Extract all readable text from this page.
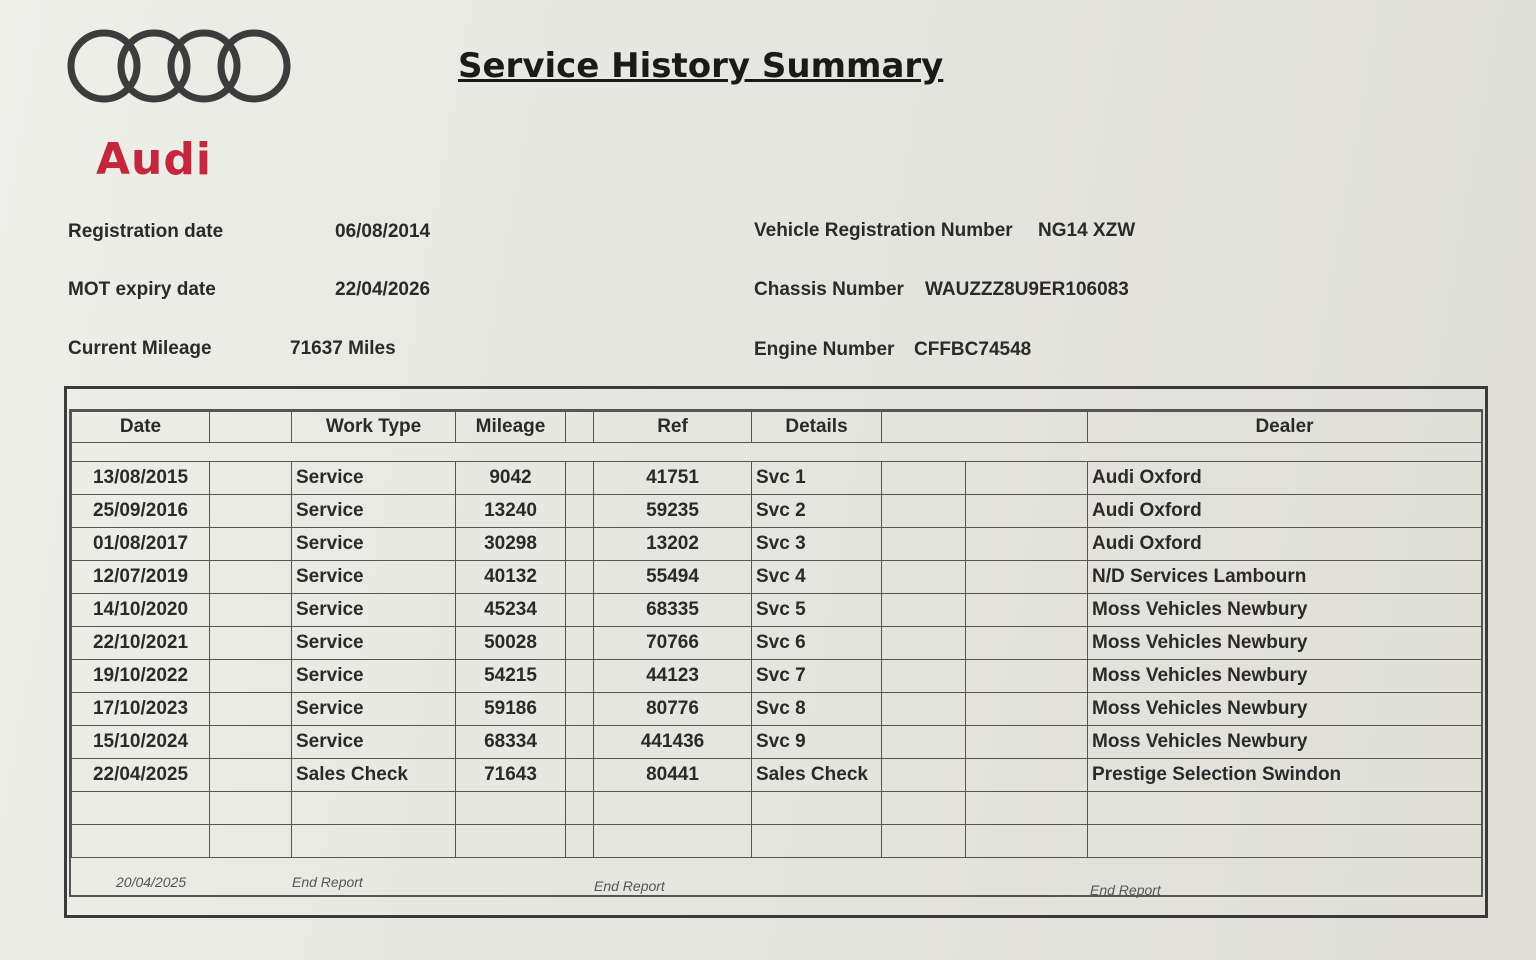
Audi
Service History Summary
Registration date	06/08/2014
MOT expiry date	22/04/2026
Current Mileage	71637 Miles
Vehicle Registration Number NG14 XZW
Chassis Number WAUZZZ8U9ER106083
Engine Number CFFBC74548
Date		Work Type	Mileage		Ref	Details			Dealer

13/08/2015		Service	9042		41751	Svc 1			Audi Oxford
25/09/2016		Service	13240		59235	Svc 2			Audi Oxford
01/08/2017		Service	30298		13202	Svc 3			Audi Oxford
12/07/2019		Service	40132		55494	Svc 4			N/D Services Lambourn
14/10/2020		Service	45234		68335	Svc 5			Moss Vehicles Newbury
22/10/2021		Service	50028		70766	Svc 6			Moss Vehicles Newbury
19/10/2022		Service	54215		44123	Svc 7			Moss Vehicles Newbury
17/10/2023		Service	59186		80776	Svc 8			Moss Vehicles Newbury
15/10/2024		Service	68334		441436	Svc 9			Moss Vehicles Newbury
22/04/2025		Sales Check	71643		80441	Sales Check			Prestige Selection Swindon

20/04/2025	End Report	End Report	End Report
